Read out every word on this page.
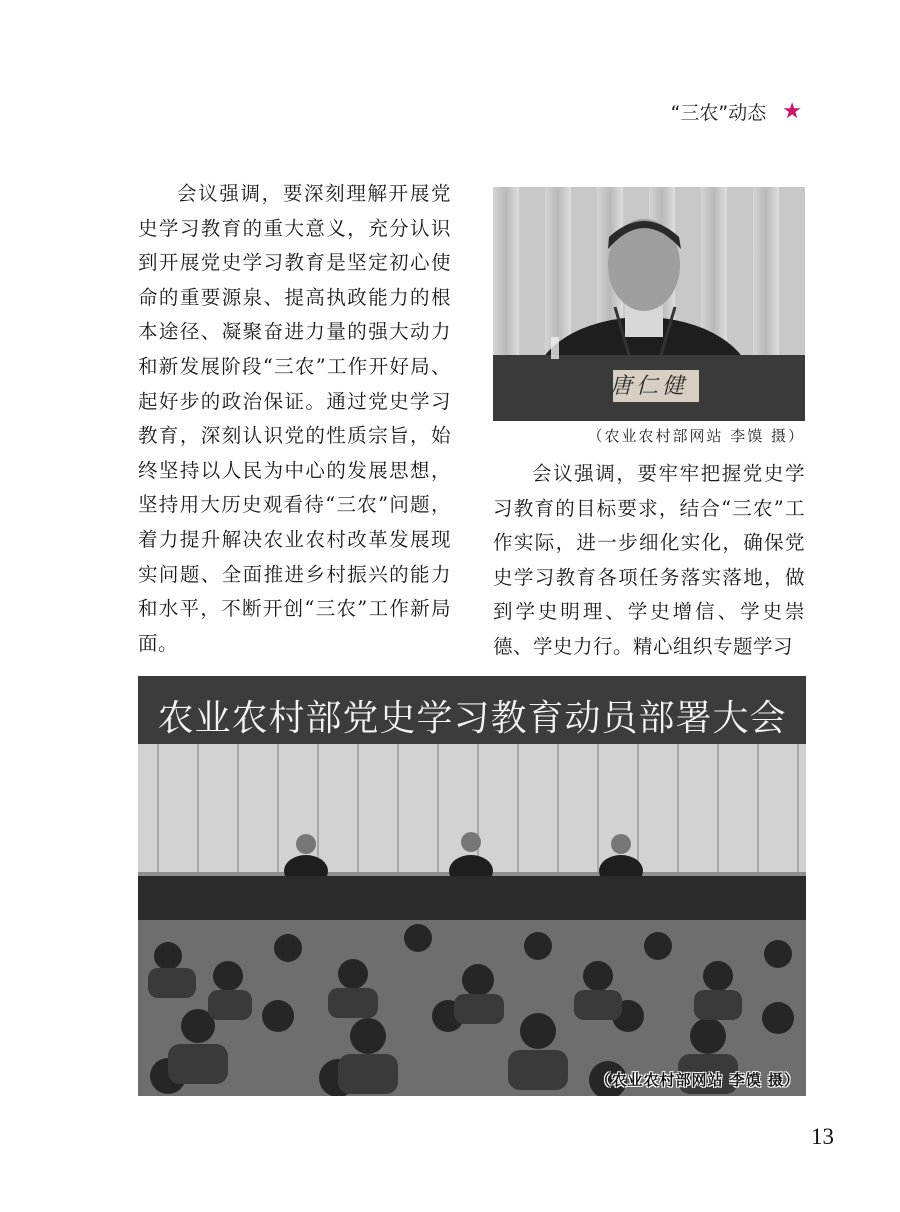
“三农”动态 ★

会议强调，要深刻理解开展党史学习教育的重大意义，充分认识到开展党史学习教育是坚定初心使命的重要源泉、提高执政能力的根本途径、凝聚奋进力量的强大动力和新发展阶段“三农”工作开好局、起好步的政治保证。通过党史学习教育，深刻认识党的性质宗旨，始终坚持以人民为中心的发展思想，坚持用大历史观看待“三农”问题，着力提升解决农业农村改革发展现实问题、全面推进乡村振兴的能力和水平，不断开创“三农”工作新局面。

唐仁健
（农业农村部网站 李馍 摄）

会议强调，要牢牢把握党史学习教育的目标要求，结合“三农”工作实际，进一步细化实化，确保党史学习教育各项任务落实落地，做到学史明理、学史增信、学史崇德、学史力行。精心组织专题学习

农业农村部党史学习教育动员部署大会
（农业农村部网站 李馍 摄）
13
